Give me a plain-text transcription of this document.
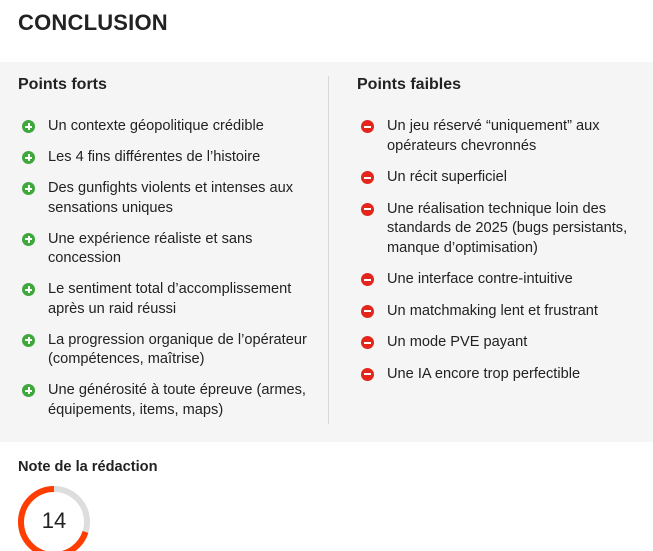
CONCLUSION
Points forts
Un contexte géopolitique crédible
Les 4 fins différentes de l’histoire
Des gunfights violents et intenses aux sensations uniques
Une expérience réaliste et sans concession
Le sentiment total d’accomplissement après un raid réussi
La progression organique de l’opérateur (compétences, maîtrise)
Une générosité à toute épreuve (armes, équipements, items, maps)
Points faibles
Un jeu réservé “uniquement” aux opérateurs chevronnés
Un récit superficiel
Une réalisation technique loin des standards de 2025 (bugs persistants, manque d’optimisation)
Une interface contre-intuitive
Un matchmaking lent et frustrant
Un mode PVE payant
Une IA encore trop perfectible
Note de la rédaction
14
